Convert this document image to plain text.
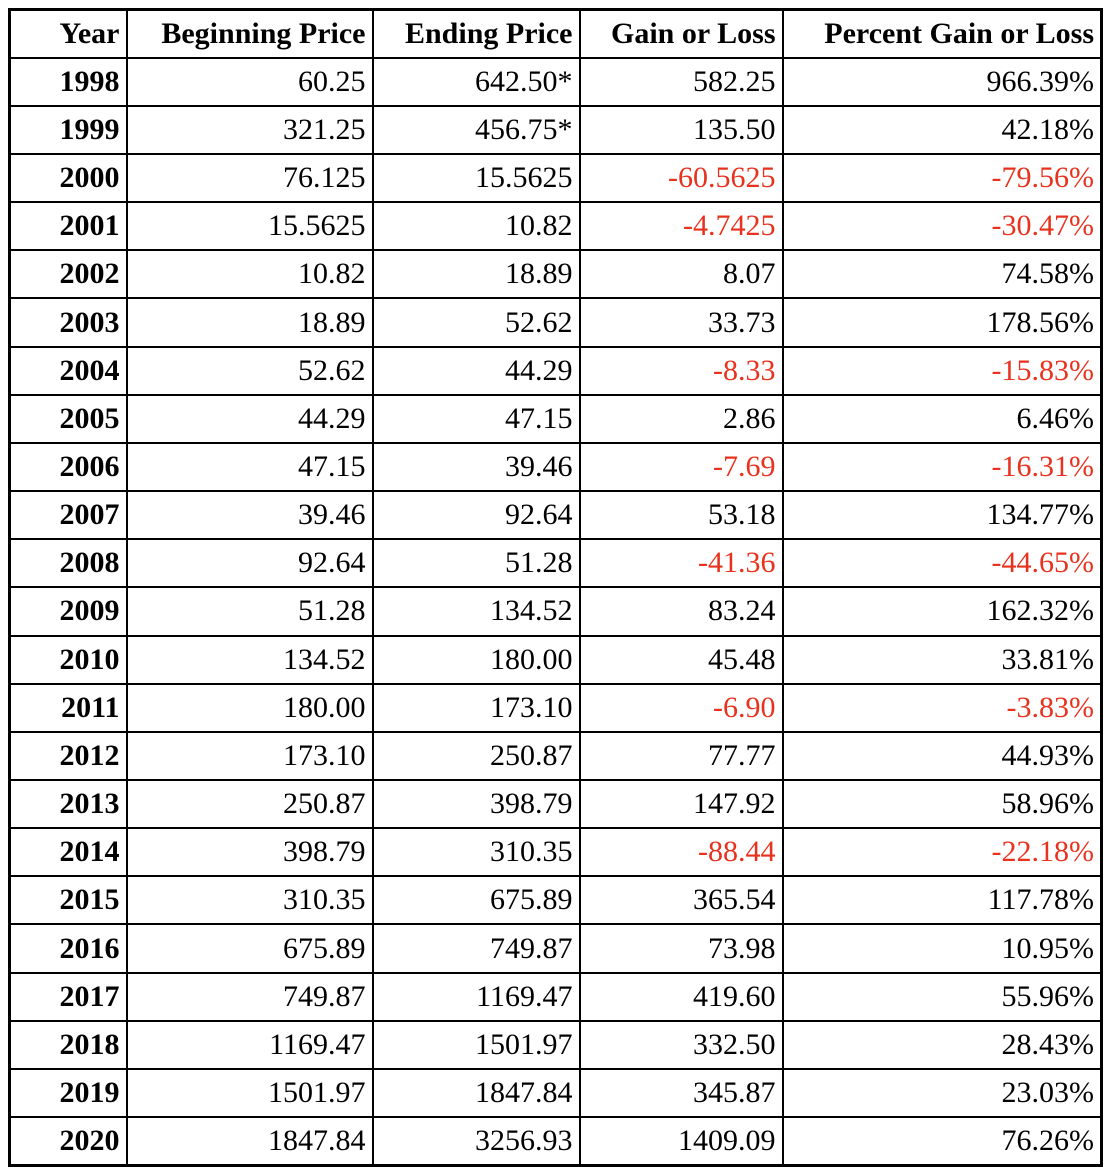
Year	Beginning Price	Ending Price	Gain or Loss	Percent Gain or Loss
1998	60.25	642.50*	582.25	966.39%
1999	321.25	456.75*	135.50	42.18%
2000	76.125	15.5625	-60.5625	-79.56%
2001	15.5625	10.82	-4.7425	-30.47%
2002	10.82	18.89	8.07	74.58%
2003	18.89	52.62	33.73	178.56%
2004	52.62	44.29	-8.33	-15.83%
2005	44.29	47.15	2.86	6.46%
2006	47.15	39.46	-7.69	-16.31%
2007	39.46	92.64	53.18	134.77%
2008	92.64	51.28	-41.36	-44.65%
2009	51.28	134.52	83.24	162.32%
2010	134.52	180.00	45.48	33.81%
2011	180.00	173.10	-6.90	-3.83%
2012	173.10	250.87	77.77	44.93%
2013	250.87	398.79	147.92	58.96%
2014	398.79	310.35	-88.44	-22.18%
2015	310.35	675.89	365.54	117.78%
2016	675.89	749.87	73.98	10.95%
2017	749.87	1169.47	419.60	55.96%
2018	1169.47	1501.97	332.50	28.43%
2019	1501.97	1847.84	345.87	23.03%
2020	1847.84	3256.93	1409.09	76.26%
